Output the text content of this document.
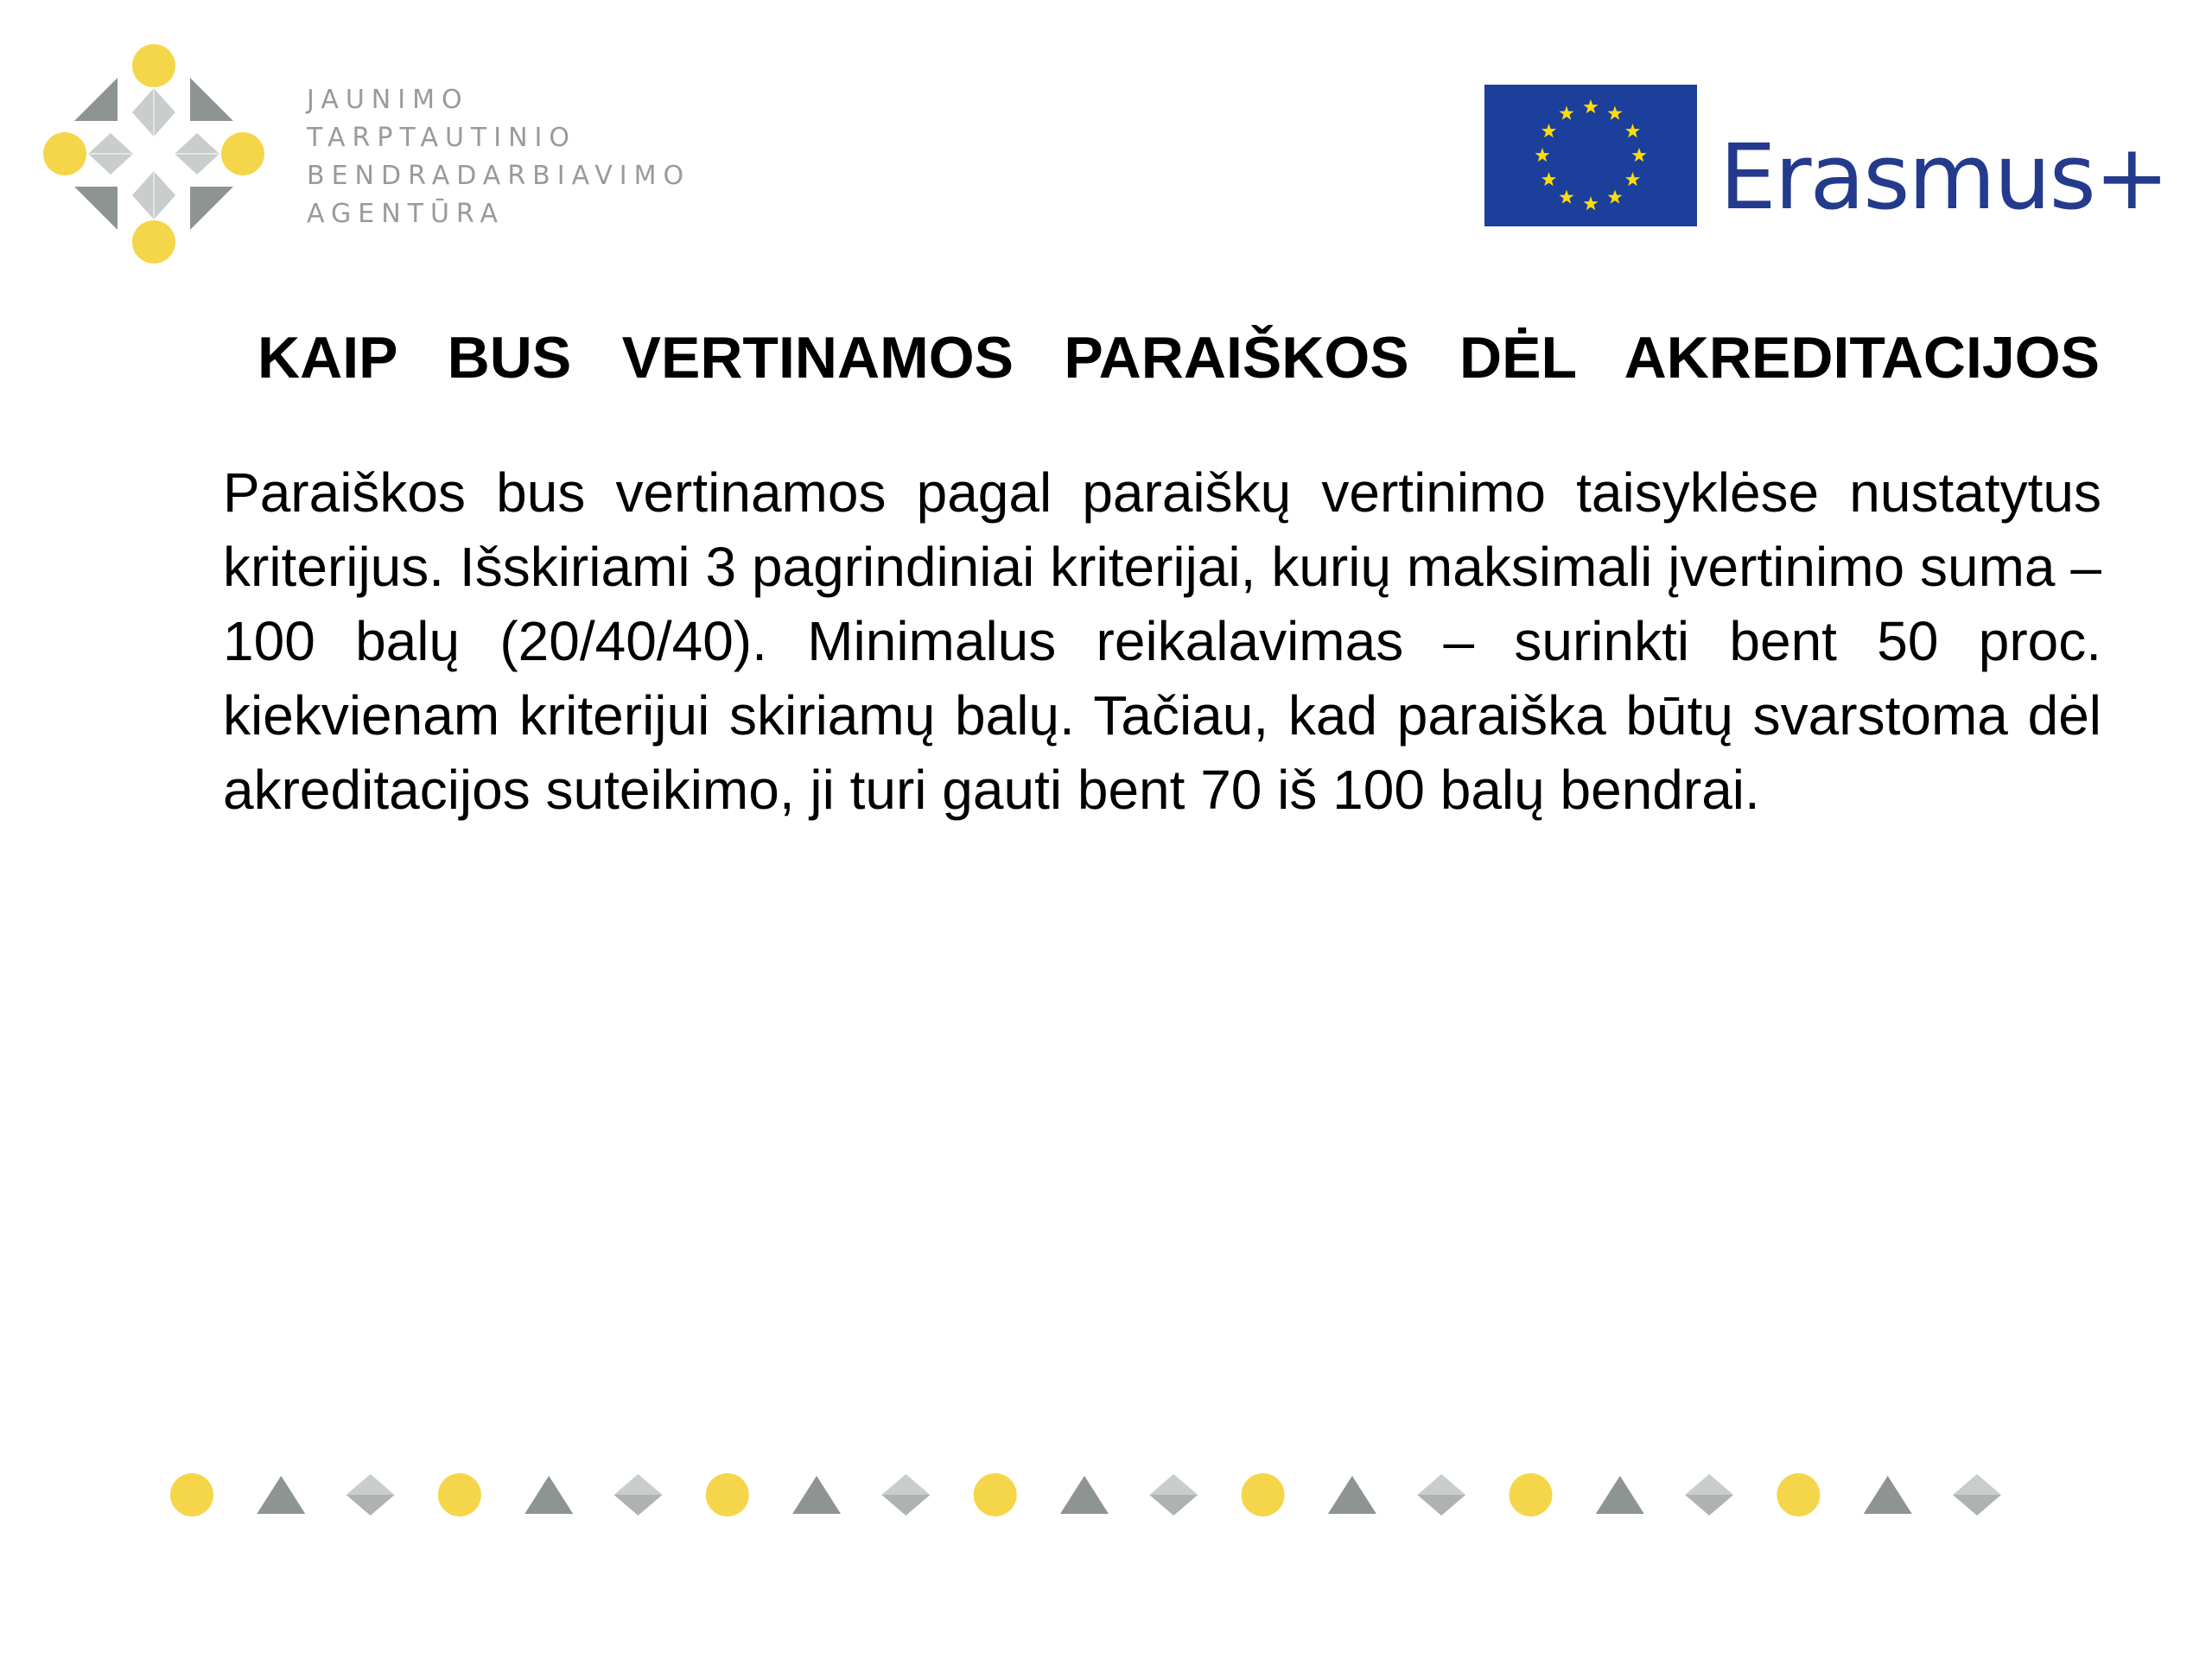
JAUNIMO
TARPTAUTINIO
BENDRADARBIAVIMO
AGENTŪRA	Erasmus+
KAIP BUS VERTINAMOS PARAIŠKOS DĖL AKREDITACIJOS

Paraiškos bus vertinamos pagal paraiškų vertinimo taisyklėse nustatytus kriterijus. Išskiriami 3 pagrindiniai kriterijai, kurių maksimali įvertinimo suma – 100 balų (20/40/40). Minimalus reikalavimas – surinkti bent 50 proc. kiekvienam kriterijui skiriamų balų. Tačiau, kad paraiška būtų svarstoma dėl akreditacijos suteikimo, ji turi gauti bent 70 iš 100 balų bendrai.
